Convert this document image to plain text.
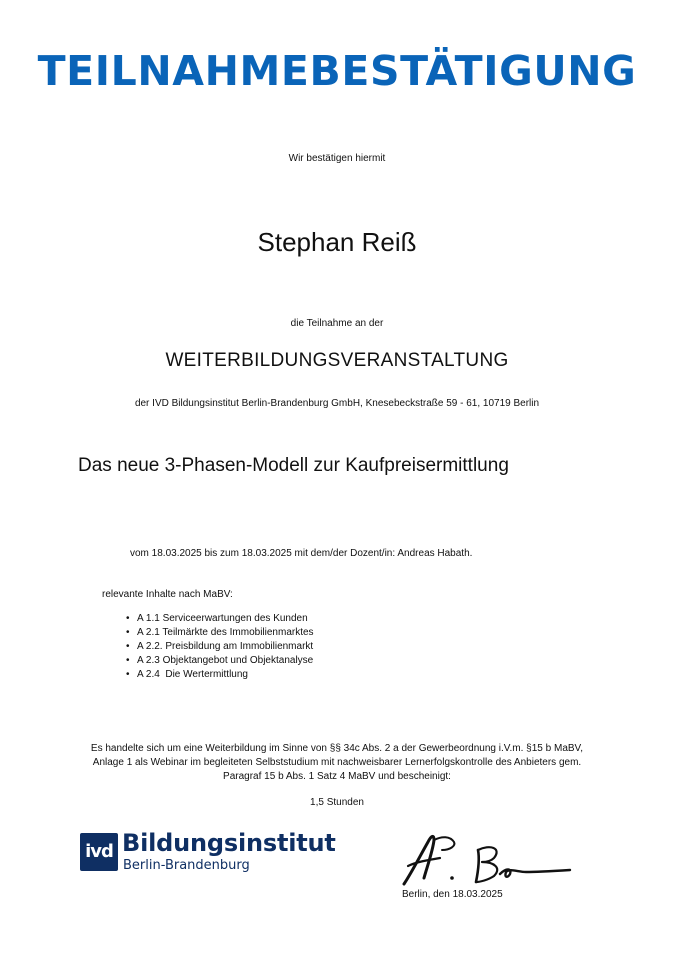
TEILNAHMEBESTÄTIGUNG
Wir bestätigen hiermit
Stephan Reiß
die Teilnahme an der
WEITERBILDUNGSVERANSTALTUNG
der IVD Bildungsinstitut Berlin-Brandenburg GmbH, Knesebeckstraße 59 - 61, 10719 Berlin
Das neue 3-Phasen-Modell zur Kaufpreisermittlung
vom 18.03.2025 bis zum 18.03.2025 mit dem/der Dozent/in: Andreas Habath.
relevante Inhalte nach MaBV:
• A 1.1 Serviceerwartungen des Kunden
• A 2.1 Teilmärkte des Immobilienmarktes
• A 2.2. Preisbildung am Immobilienmarkt
• A 2.3 Objektangebot und Objektanalyse
• A 2.4  Die Wertermittlung
Es handelte sich um eine Weiterbildung im Sinne von §§ 34c Abs. 2 a der Gewerbeordnung i.V.m. §15 b MaBV,
Anlage 1 als Webinar im begleiteten Selbststudium mit nachweisbarer Lernerfolgskontrolle des Anbieters gem.
Paragraf 15 b Abs. 1 Satz 4 MaBV und bescheinigt:
1,5 Stunden
ivd Bildungsinstitut
Berlin-Brandenburg
Berlin, den 18.03.2025
